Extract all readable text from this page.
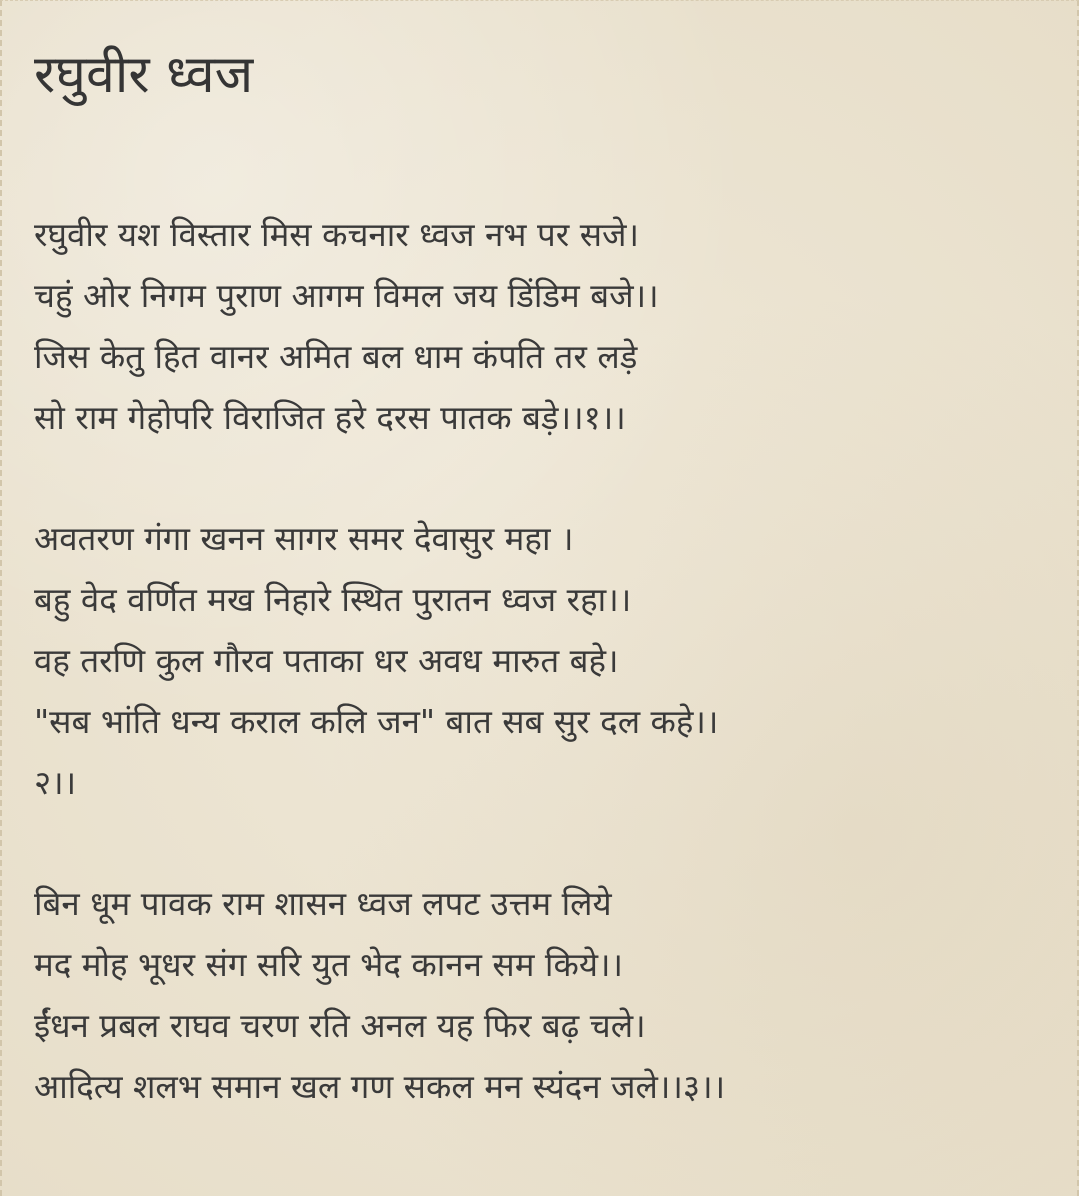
रघुवीर ध्वज
रघुवीर यश विस्तार मिस कचनार ध्वज नभ पर सजे।
चहुं ओर निगम पुराण आगम विमल जय डिंडिम बजे।।
जिस केतु हित वानर अमित बल धाम कंपति तर लड़े
सो राम गेहोपरि विराजित हरे दरस पातक बड़े।।१।।
अवतरण गंगा खनन सागर समर देवासुर महा ।
बहु वेद वर्णित मख निहारे स्थित पुरातन ध्वज रहा।।
वह तरणि कुल गौरव पताका धर अवध मारुत बहे।
"सब भांति धन्य कराल कलि जन" बात सब सुर दल कहे।।
२।।
बिन धूम पावक राम शासन ध्वज लपट उत्तम लिये
मद मोह भूधर संग सरि युत भेद कानन सम किये।।
ईंधन प्रबल राघव चरण रति अनल यह फिर बढ़ चले।
आदित्य शलभ समान खल गण सकल मन स्यंदन जले।।३।।
